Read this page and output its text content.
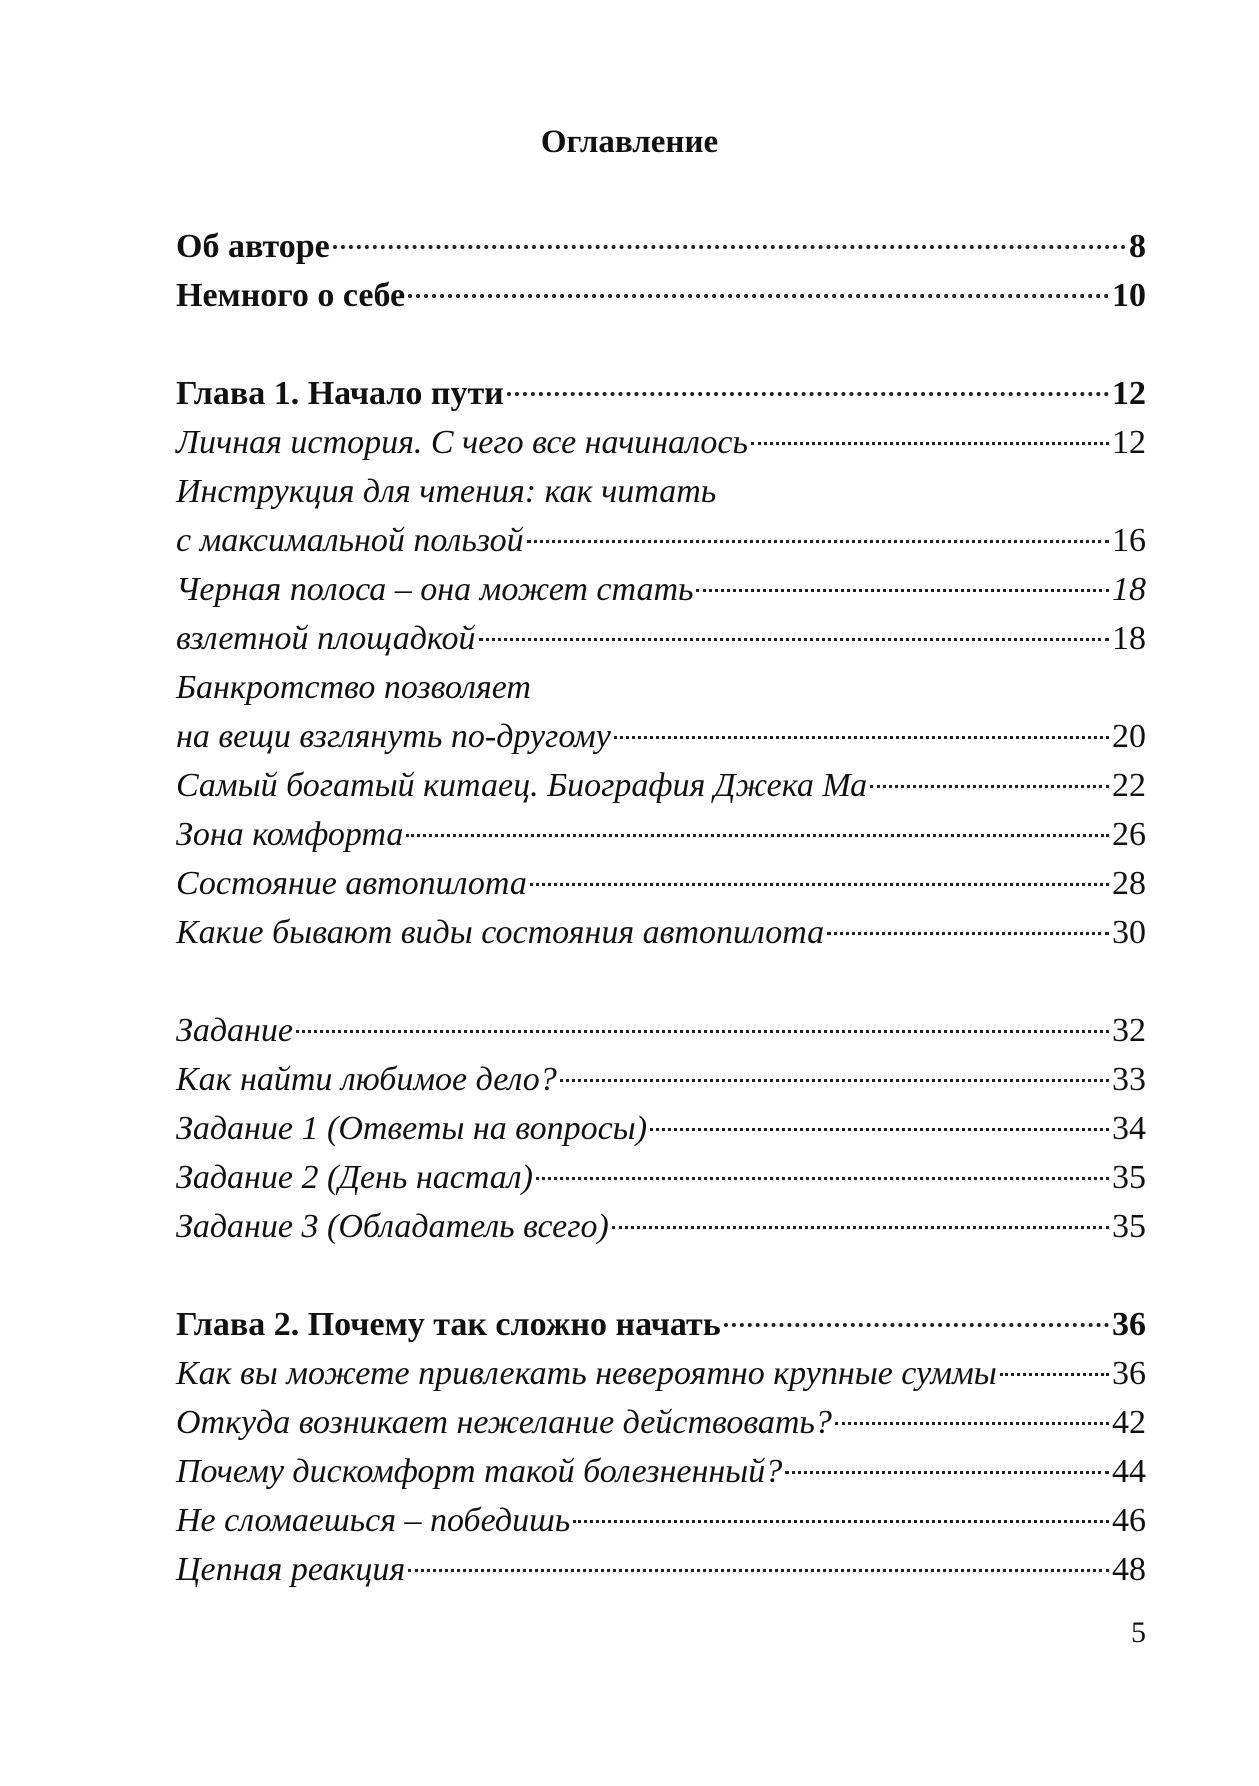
Оглавление
Об авторе	8
Немного о себе	10
Глава 1. Начало пути	12
Личная история. С чего все начиналось	12
Инструкция для чтения: как читать
с максимальной пользой	16
Черная полоса – она может стать	18
взлетной площадкой	18
Банкротство позволяет
на вещи взглянуть по-другому	20
Самый богатый китаец. Биография Джека Ма	22
Зона комфорта	26
Состояние автопилота	28
Какие бывают виды состояния автопилота	30
Задание	32
Как найти любимое дело?	33
Задание 1 (Ответы на вопросы)	34
Задание 2 (День настал)	35
Задание 3 (Обладатель всего)	35
Глава 2. Почему так сложно начать	36
Как вы можете привлекать невероятно крупные суммы	36
Откуда возникает нежелание действовать?	42
Почему дискомфорт такой болезненный?	44
Не сломаешься – победишь	46
Цепная реакция	48
5
